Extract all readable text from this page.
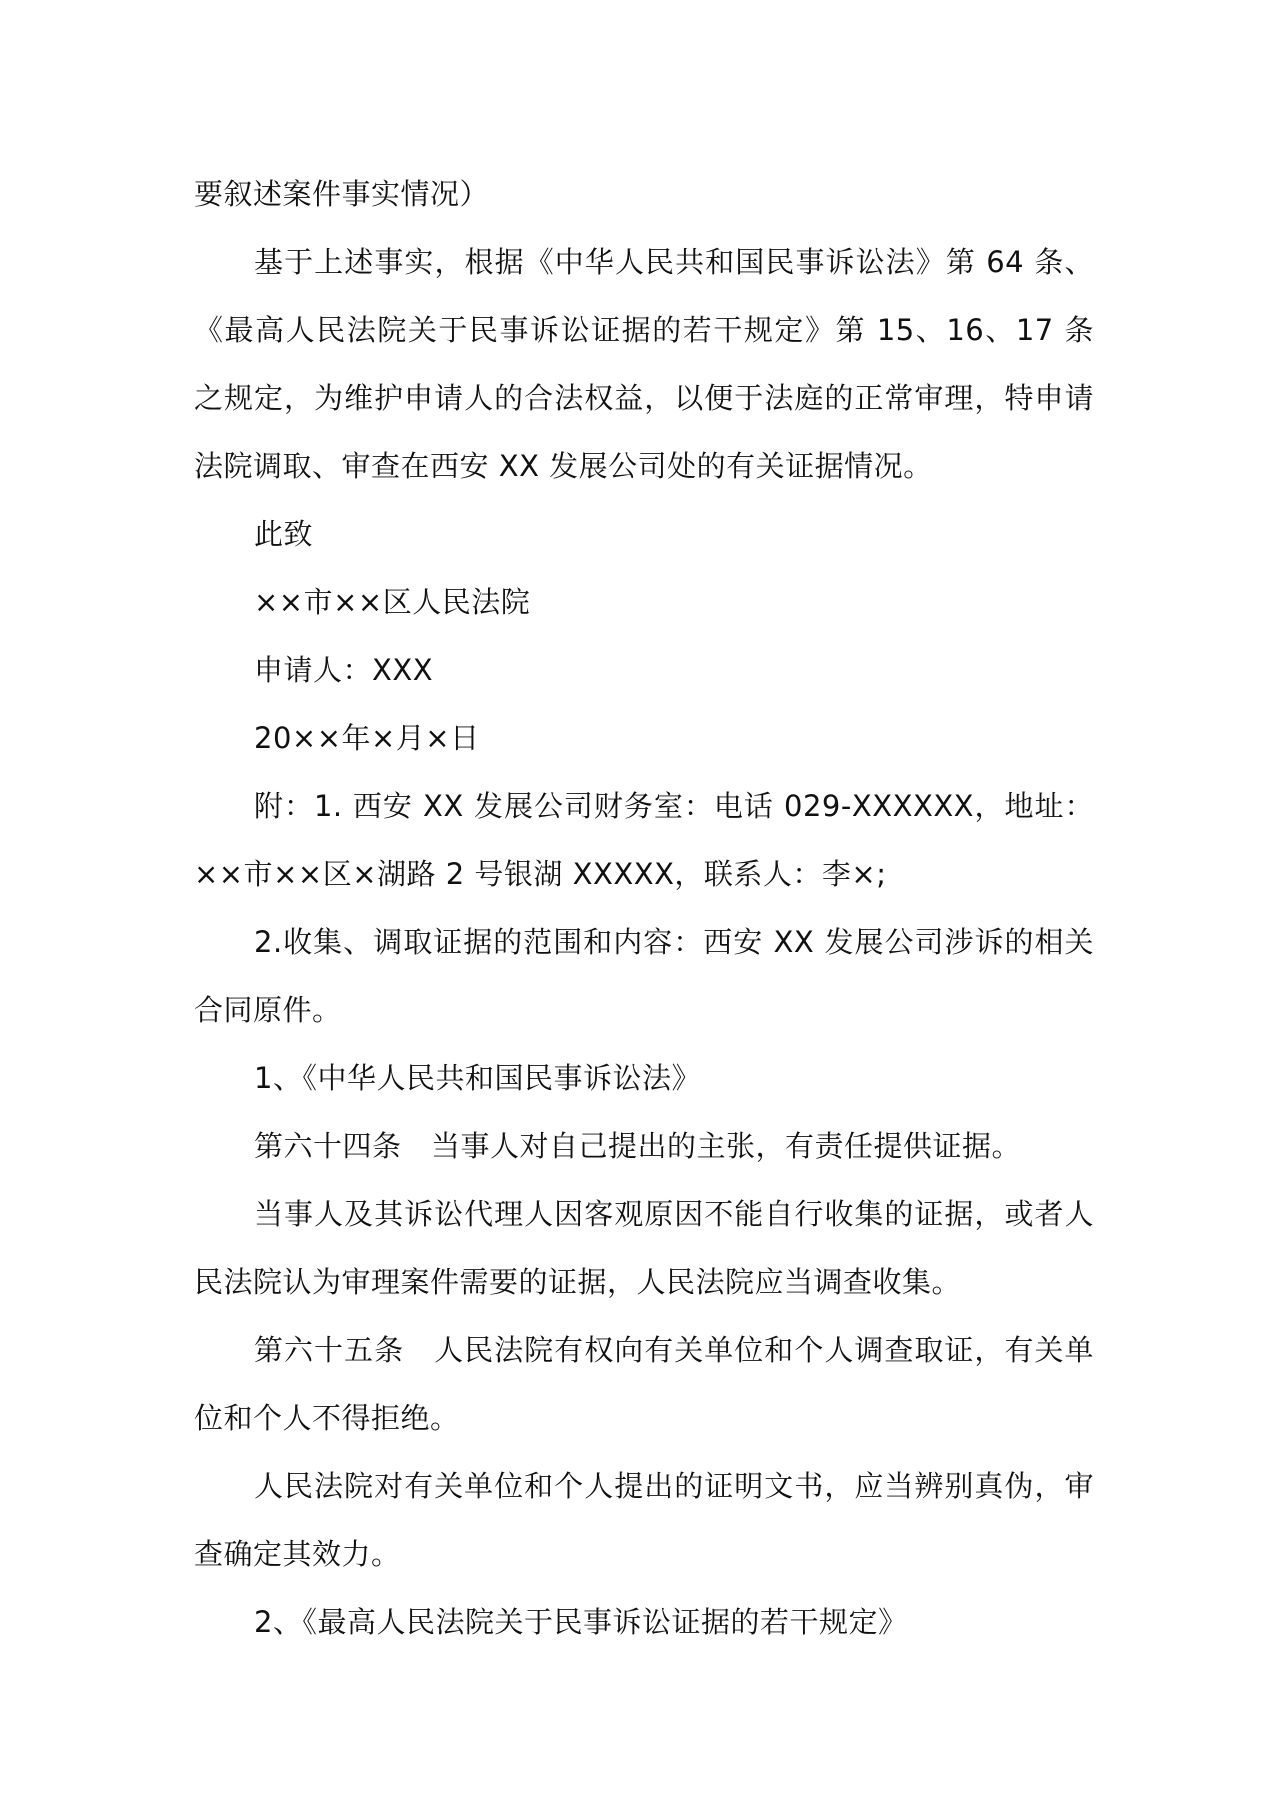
要叙述案件事实情况）

基于上述事实，根据《中华人民共和国民事诉讼法》第 64 条、《最高人民法院关于民事诉讼证据的若干规定》第 15、16、17 条之规定，为维护申请人的合法权益，以便于法庭的正常审理，特申请法院调取、审查在西安 XX 发展公司处的有关证据情况。

此致

××市××区人民法院

申请人：XXX

20××年×月×日

附：1. 西安 XX 发展公司财务室：电话 029-XXXXXX，地址：××市××区×湖路 2 号银湖 XXXXX，联系人：李×;

2.收集、调取证据的范围和内容：西安 XX 发展公司涉诉的相关合同原件。

1、《中华人民共和国民事诉讼法》

第六十四条　当事人对自己提出的主张，有责任提供证据。

当事人及其诉讼代理人因客观原因不能自行收集的证据，或者人民法院认为审理案件需要的证据，人民法院应当调查收集。

第六十五条　人民法院有权向有关单位和个人调查取证，有关单位和个人不得拒绝。

人民法院对有关单位和个人提出的证明文书，应当辨别真伪，审查确定其效力。

2、《最高人民法院关于民事诉讼证据的若干规定》
